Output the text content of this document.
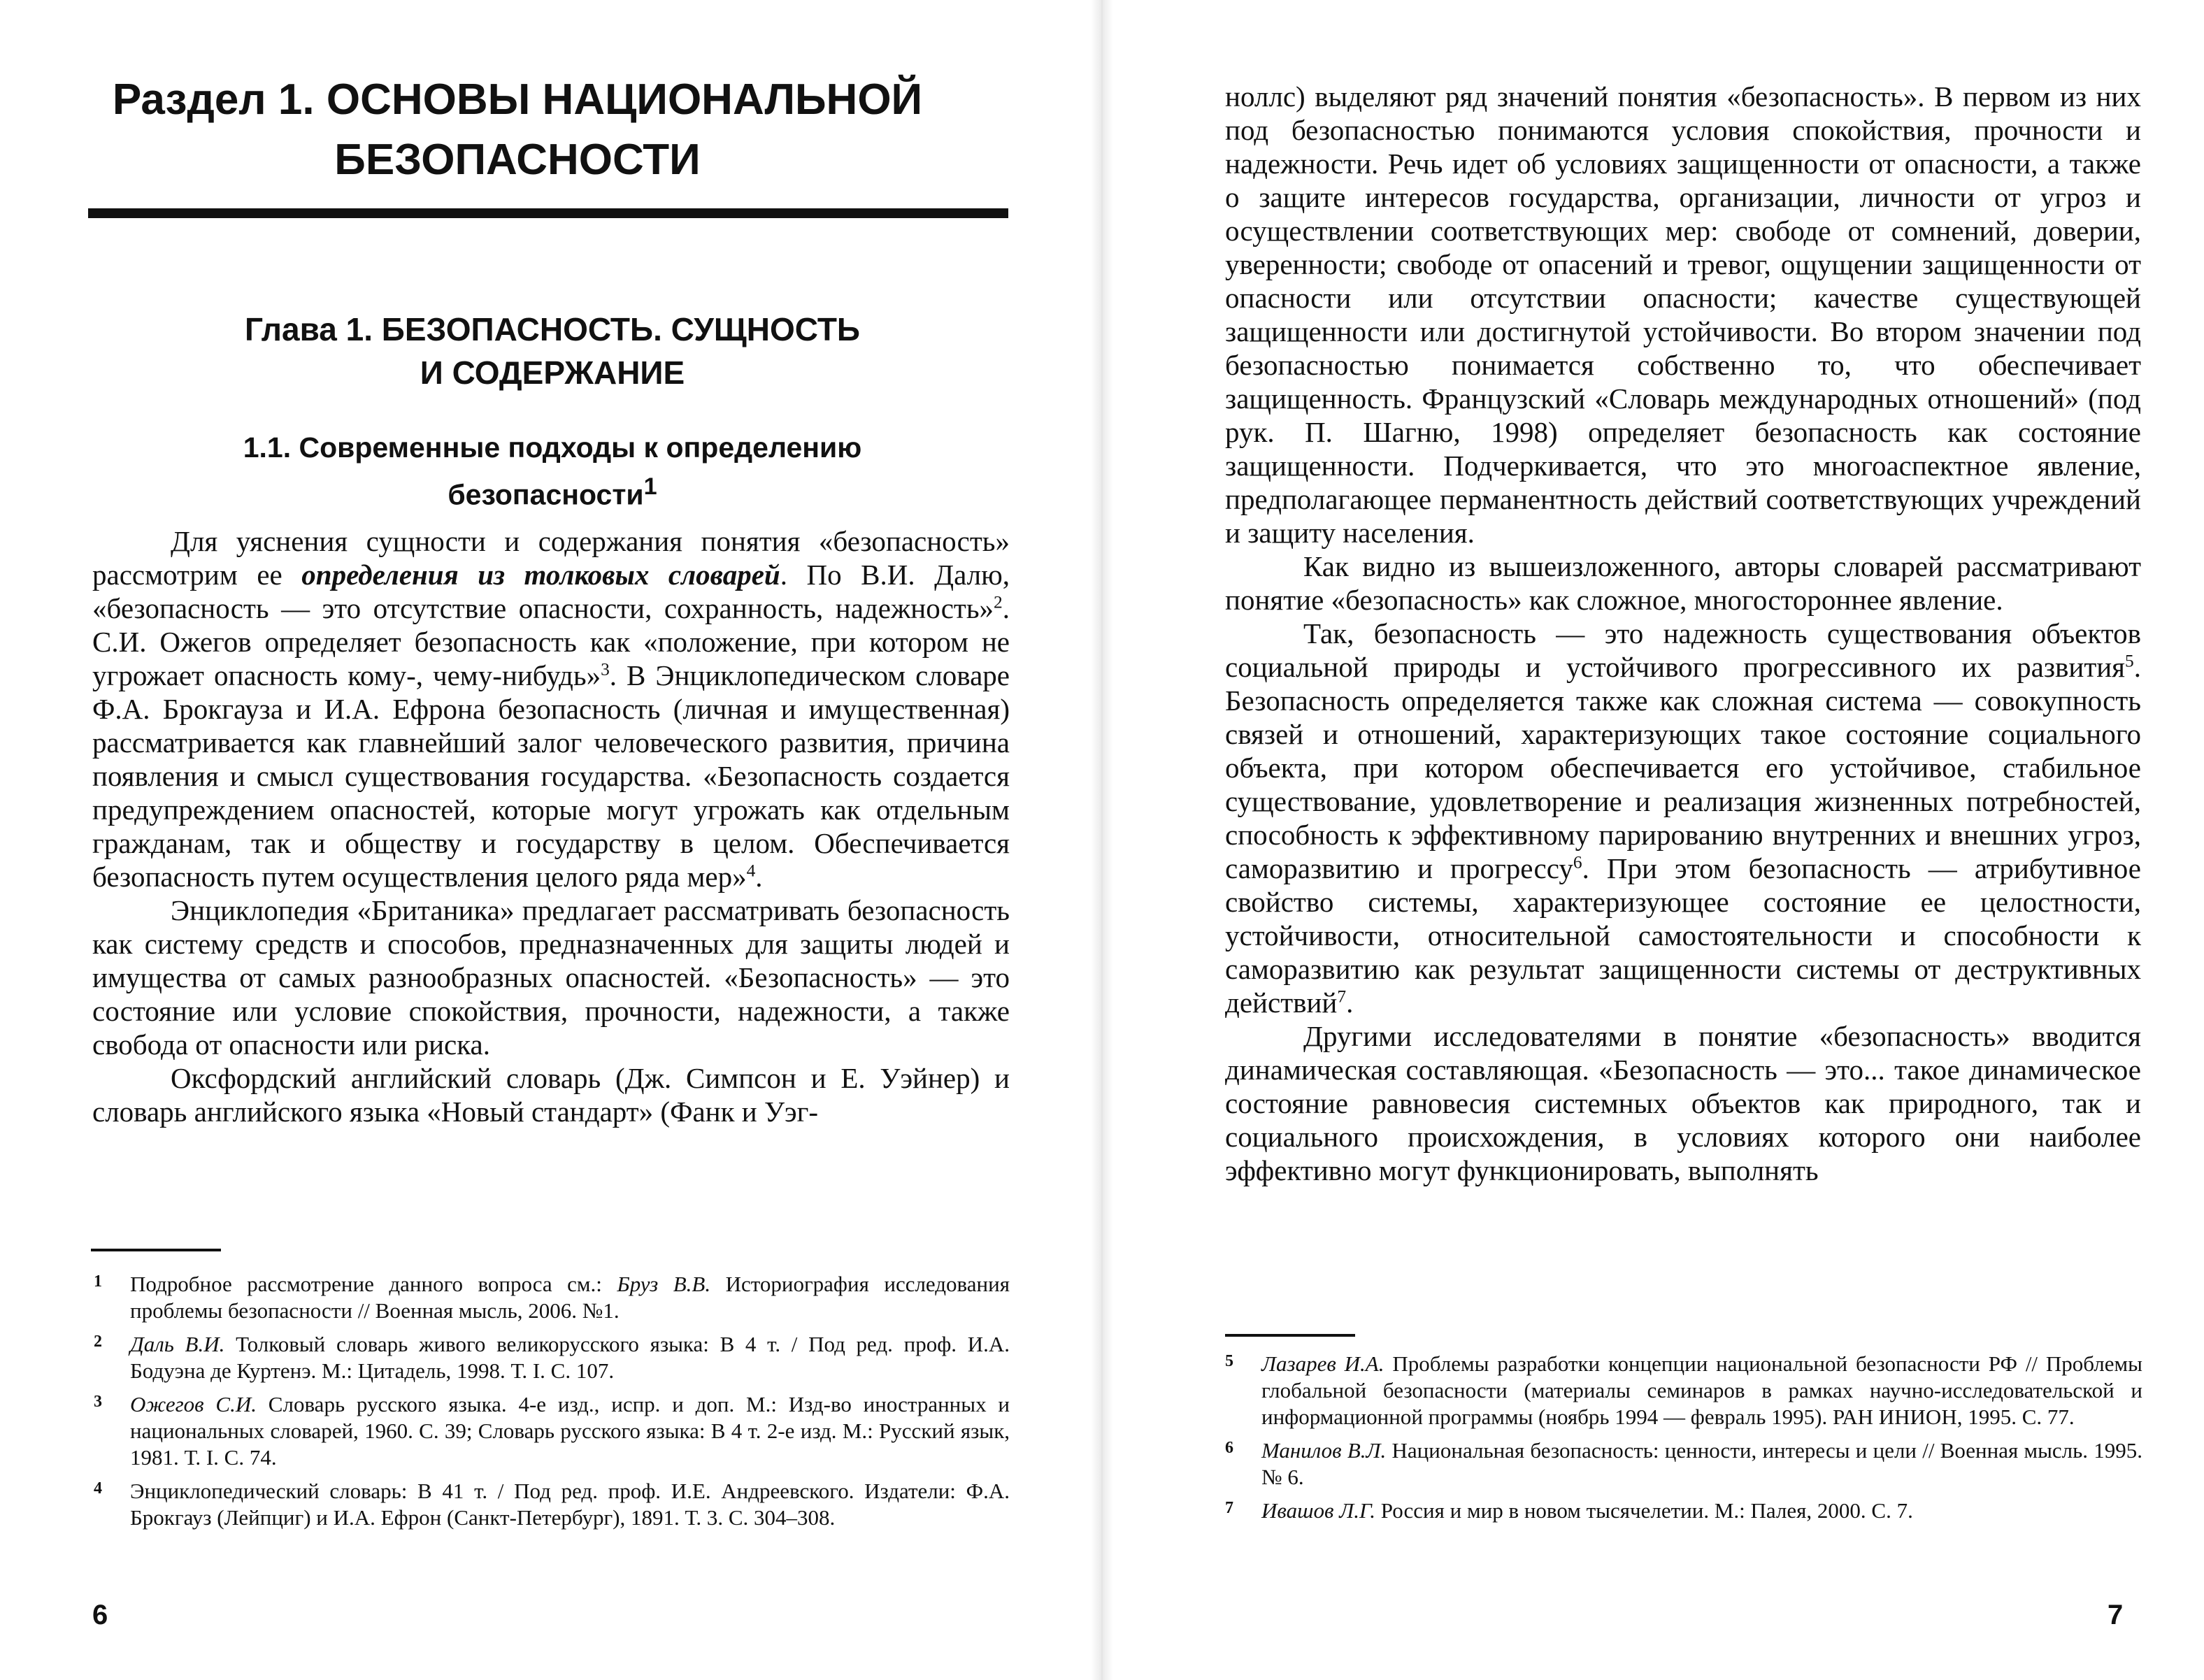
Раздел 1. ОСНОВЫ НАЦИОНАЛЬНОЙ
БЕЗОПАСНОСТИ
Глава 1. БЕЗОПАСНОСТЬ. СУЩНОСТЬ
И СОДЕРЖАНИЕ
1.1. Современные подходы к определению
безопасности$^1$

Для уяснения сущности и содержания понятия «безопасность» рассмотрим ее определения из толковых словарей. По В.И. Далю, «безопасность — это отсутствие опасности, сохранность, надежность»$^2$. С.И. Ожегов определяет безопасность как «положение, при котором не угрожает опасность кому-, чему-нибудь»$^3$. В Энциклопедическом словаре Ф.А. Брокгауза и И.А. Ефрона безопасность (личная и имущественная) рассматривается как главнейший залог человеческого развития, причина появления и смысл существования государства. «Безопасность создается предупреждением опасностей, которые могут угрожать как отдельным гражданам, так и обществу и государству в целом. Обеспечивается безопасность путем осуществления целого ряда мер»$^4$.

Энциклопедия «Британика» предлагает рассматривать безопасность как систему средств и способов, предназначенных для защиты людей и имущества от самых разнообразных опасностей. «Безопасность» — это состояние или условие спокойствия, прочности, надежности, а также свобода от опасности или риска.

Оксфордский английский словарь (Дж. Симпсон и Е. Уэйнер) и словарь английского языка «Новый стандарт» (Фанк и Уэг-

1	Подробное рассмотрение данного вопроса см.: Бруз В.В. Историография исследования проблемы безопасности // Военная мысль, 2006. №1.
2	Даль В.И. Толковый словарь живого великорусского языка: В 4 т. / Под ред. проф. И.А. Бодуэна де Куртенэ. М.: Цитадель, 1998. Т. I. С. 107.
3	Ожегов С.И. Словарь русского языка. 4-е изд., испр. и доп. М.: Изд-во иностранных и национальных словарей, 1960. С. 39; Словарь русского языка: В 4 т. 2-е изд. М.: Русский язык, 1981. Т. I. С. 74.
4	Энциклопедический словарь: В 41 т. / Под ред. проф. И.Е. Андреевского. Издатели: Ф.А. Брокгауз (Лейпциг) и И.А. Ефрон (Санкт-Петербург), 1891. Т. 3. С. 304–308.
6

ноллс) выделяют ряд значений понятия «безопасность». В первом из них под безопасностью понимаются условия спокойствия, прочности и надежности. Речь идет об условиях защищенности от опасности, а также о защите интересов государства, организации, личности от угроз и осуществлении соответствующих мер: свободе от сомнений, доверии, уверенности; свободе от опасений и тревог, ощущении защищенности от опасности или отсутствии опасности; качестве существующей защищенности или достигнутой устойчивости. Во втором значении под безопасностью понимается собственно то, что обеспечивает защищенность. Французский «Словарь международных отношений» (под рук. П. Шагню, 1998) определяет безопасность как состояние защищенности. Подчеркивается, что это многоаспектное явление, предполагающее перманентность действий соответствующих учреждений и защиту населения.

Как видно из вышеизложенного, авторы словарей рассматривают понятие «безопасность» как сложное, многостороннее явление.

Так, безопасность — это надежность существования объектов социальной природы и устойчивого прогрессивного их развития$^5$. Безопасность определяется также как сложная система — совокупность связей и отношений, характеризующих такое состояние социального объекта, при котором обеспечивается его устойчивое, стабильное существование, удовлетворение и реализация жизненных потребностей, способность к эффективному парированию внутренних и внешних угроз, саморазвитию и прогрессу$^6$. При этом безопасность — атрибутивное свойство системы, характеризующее состояние ее целостности, устойчивости, относительной самостоятельности и способности к саморазвитию как результат защищенности системы от деструктивных действий$^7$.

Другими исследователями в понятие «безопасность» вводится динамическая составляющая. «Безопасность — это... такое динамическое состояние равновесия системных объектов как природного, так и социального происхождения, в условиях которого они наиболее эффективно могут функционировать, выполнять

5	Лазарев И.А. Проблемы разработки концепции национальной безопасности РФ // Проблемы глобальной безопасности (материалы семинаров в рамках научно-исследовательской и информационной программы (ноябрь 1994 — февраль 1995). РАН ИНИОН, 1995. С. 77.
6	Манилов В.Л. Национальная безопасность: ценности, интересы и цели // Военная мысль. 1995. № 6.
7	Ивашов Л.Г. Россия и мир в новом тысячелетии. М.: Палея, 2000. С. 7.
7
